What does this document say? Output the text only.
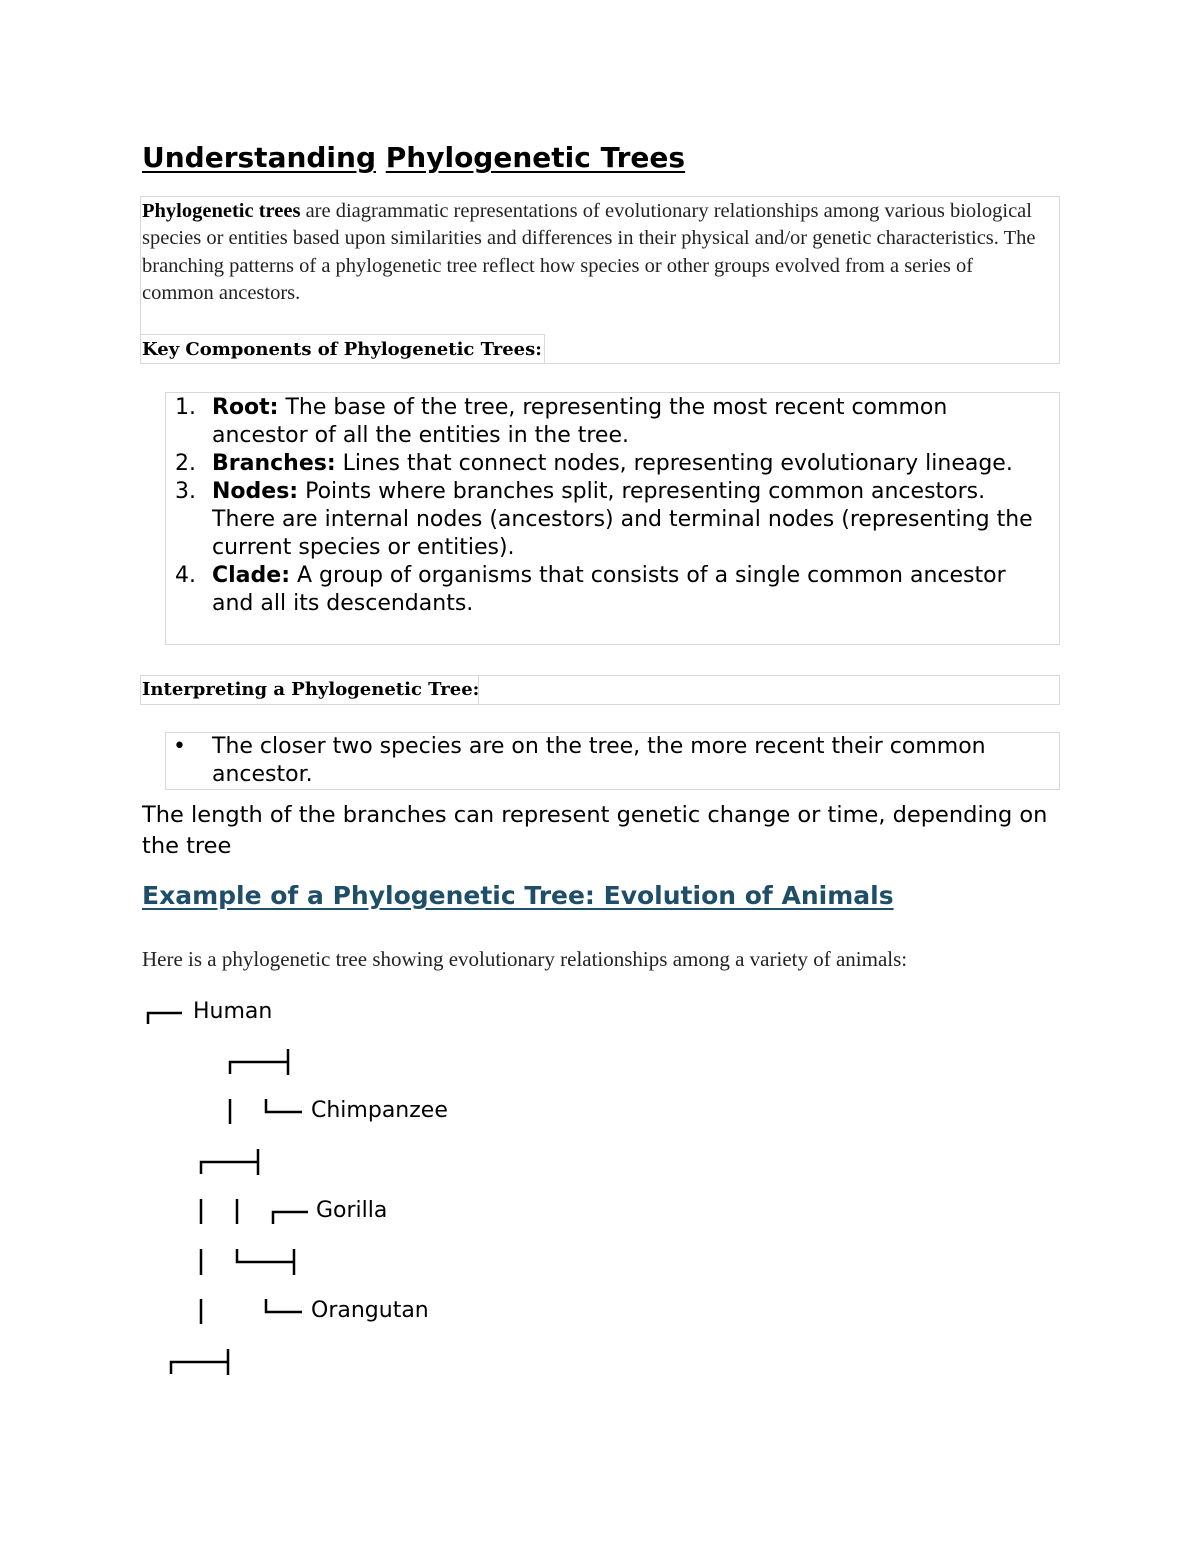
Understanding Phylogenetic Trees

Phylogenetic trees are diagrammatic representations of evolutionary relationships among various biological species or entities based upon similarities and differences in their physical and/or genetic characteristics. The branching patterns of a phylogenetic tree reflect how species or other groups evolved from a series of common ancestors.

Key Components of Phylogenetic Trees:
1. Root: The base of the tree, representing the most recent common ancestor of all the entities in the tree.
2. Branches: Lines that connect nodes, representing evolutionary lineage.
3. Nodes: Points where branches split, representing common ancestors. There are internal nodes (ancestors) and terminal nodes (representing the current species or entities).
4. Clade: A group of organisms that consists of a single common ancestor and all its descendants.
Interpreting a Phylogenetic Tree:
• The closer two species are on the tree, the more recent their common ancestor.

The length of the branches can represent genetic change or time, depending on the tree

Example of a Phylogenetic Tree: Evolution of Animals

Here is a phylogenetic tree showing evolutionary relationships among a variety of animals:

Human
Chimpanzee
Gorilla
Orangutan
